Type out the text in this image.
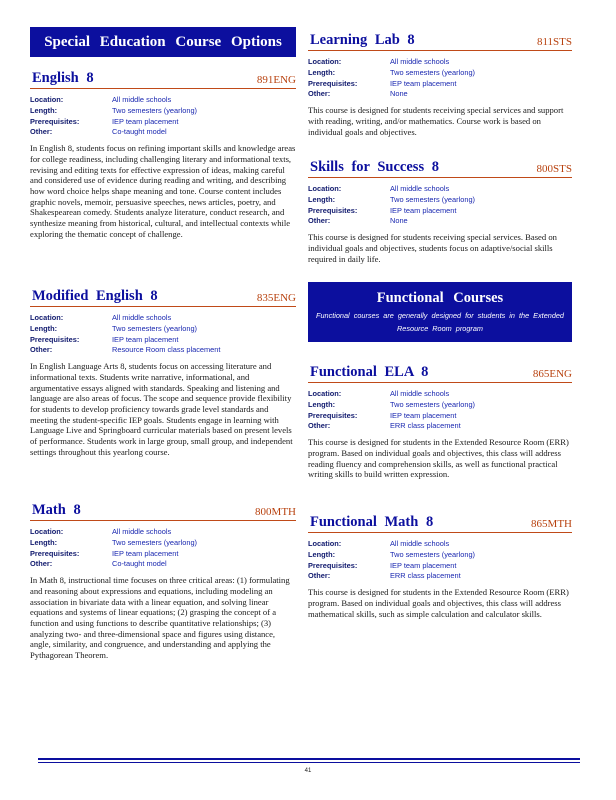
Special Education Course Options
English 8	891ENG
Location:	All middle schools
Length:	Two semesters (yearlong)
Prerequisites:	IEP team placement
Other:	Co-taught model

In English 8, students focus on refining important skills and knowledge areas for college readiness, including challenging literary and informational texts, revising and editing texts for effective expression of ideas, making careful and considered use of evidence during reading and writing, and describing how word choice helps shape meaning and tone. Course content includes graphic novels, memoir, persuasive speeches, news articles, poetry, and Shakespearean comedy. Students analyze literature, conduct research, and synthesize meaning from historical, cultural, and intellectual contexts while exploring the thematic concept of challenge.

Modified English 8	835ENG
Location:	All middle schools
Length:	Two semesters (yearlong)
Prerequisites:	IEP team placement
Other:	Resource Room class placement

In English Language Arts 8, students focus on accessing literature and informational texts. Students write narrative, informational, and argumentative essays aligned with standards. Speaking and listening and language are also areas of focus. The scope and sequence provide flexibility for students to develop proficiency towards grade level standards and meeting the student-specific IEP goals. Students engage in learning with Language Live and Springboard curricular materials based on present levels of performance. Students work in large group, small group, and independent settings throughout this yearlong course.

Math 8	800MTH
Location:	All middle schools
Length:	Two semesters (yearlong)
Prerequisites:	IEP team placement
Other:	Co-taught model

In Math 8, instructional time focuses on three critical areas: (1) formulating and reasoning about expressions and equations, including modeling an association in bivariate data with a linear equation, and solving linear equations and systems of linear equations; (2) grasping the concept of a function and using functions to describe quantitative relationships; (3) analyzing two- and three-dimensional space and figures using distance, angle, similarity, and congruence, and understanding and applying the Pythagorean Theorem.

Learning Lab 8	811STS
Location:	All middle schools
Length:	Two semesters (yearlong)
Prerequisites:	IEP team placement
Other:	None

This course is designed for students receiving special services and support with reading, writing, and/or mathematics. Course work is based on individual goals and objectives.

Skills for Success 8	800STS
Location:	All middle schools
Length:	Two semesters (yearlong)
Prerequisites:	IEP team placement
Other:	None

This course is designed for students receiving special services. Based on individual goals and objectives, students focus on adaptive/social skills required in daily life.

Functional Courses
Functional courses are generally designed for students in the Extended Resource Room program
Functional ELA 8	865ENG
Location:	All middle schools
Length:	Two semesters (yearlong)
Prerequisites:	IEP team placement
Other:	ERR class placement

This course is designed for students in the Extended Resource Room (ERR) program. Based on individual goals and objectives, this class will address reading fluency and comprehension skills, as well as functional practical writing skills to build written expression.

Functional Math 8	865MTH
Location:	All middle schools
Length:	Two semesters (yearlong)
Prerequisites:	IEP team placement
Other:	ERR class placement

This course is designed for students in the Extended Resource Room (ERR) program. Based on individual goals and objectives, this class will address mathematical skills, such as simple calculation and calculator skills.

41
